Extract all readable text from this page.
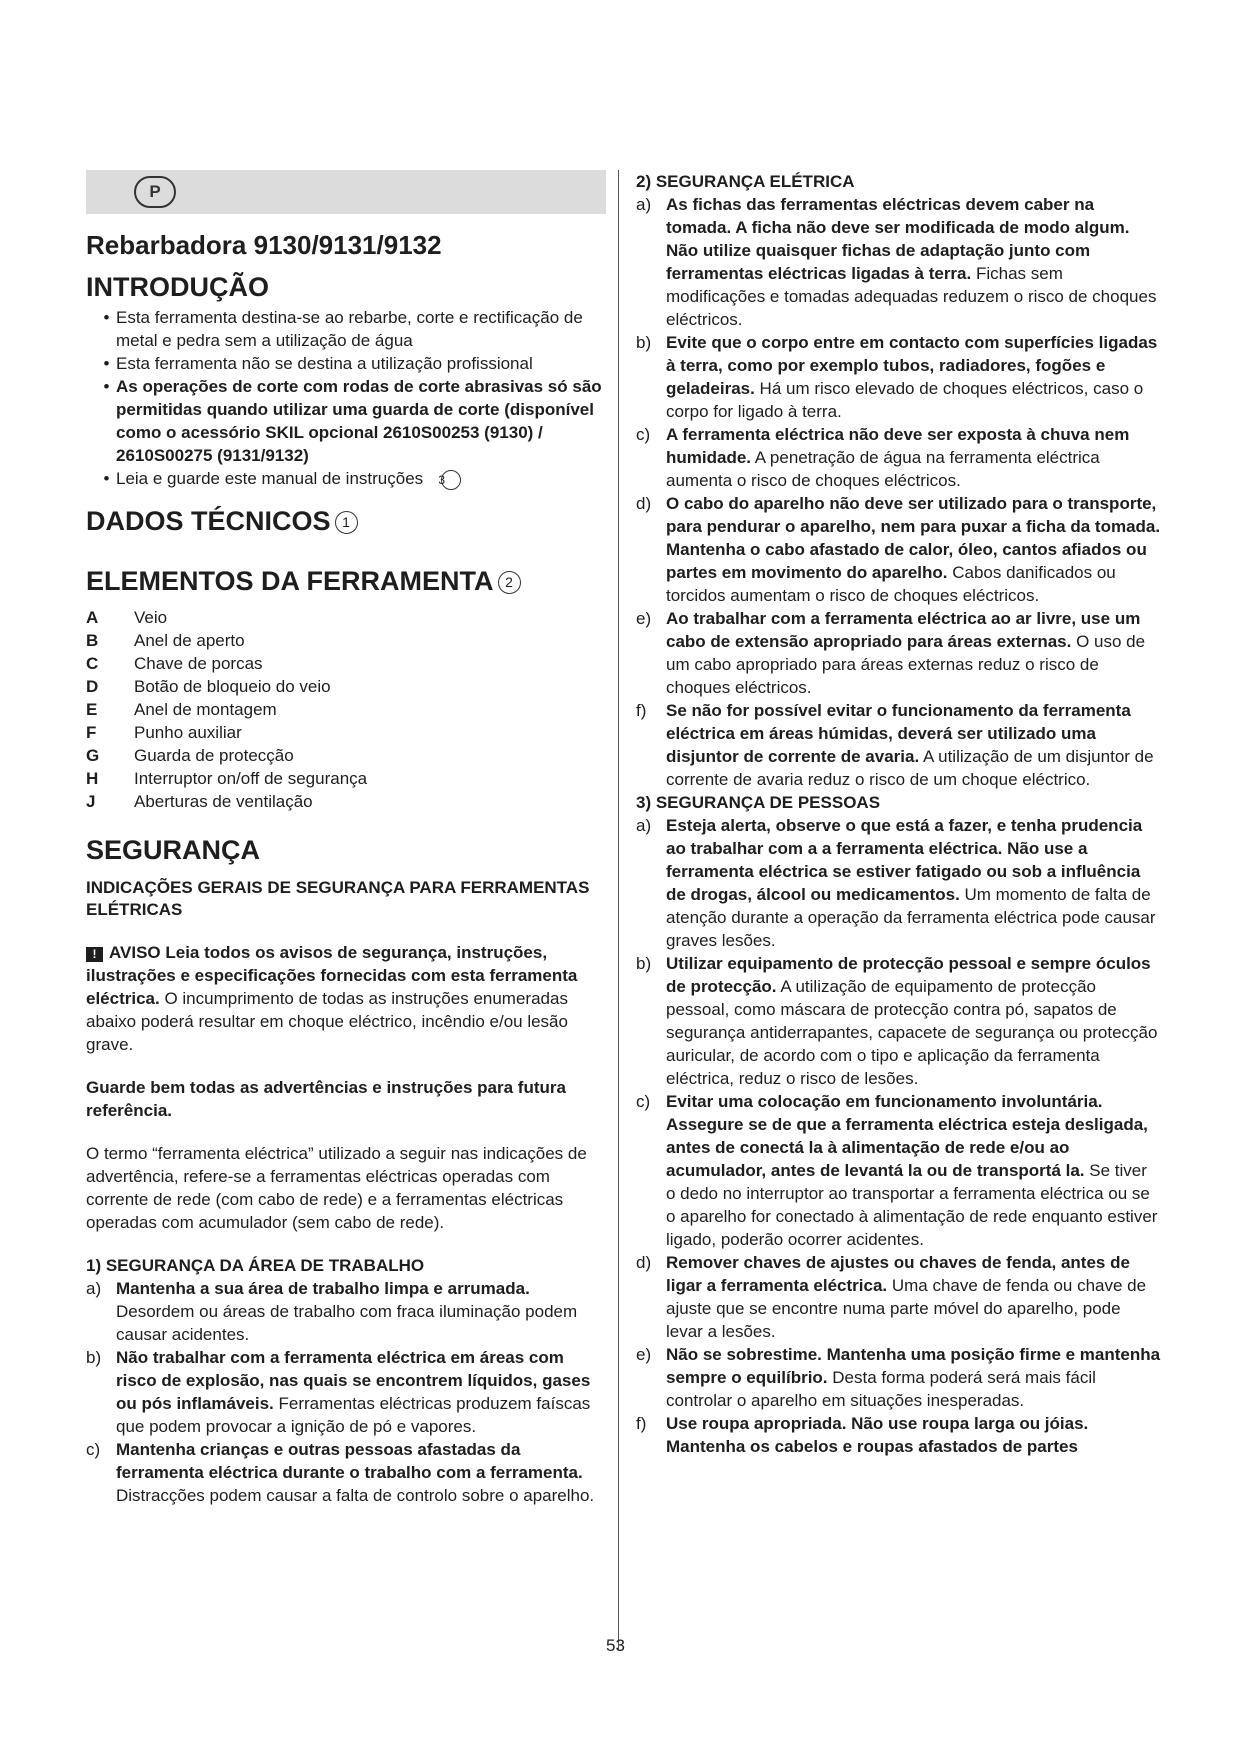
P
Rebarbadora 9130/9131/9132
INTRODUÇÃO
• Esta ferramenta destina-se ao rebarbe, corte e rectificação de metal e pedra sem a utilização de água
• Esta ferramenta não se destina a utilização profissional
• As operações de corte com rodas de corte abrasivas só são permitidas quando utilizar uma guarda de corte (disponível como o acessório SKIL opcional 2610S00253 (9130) / 2610S00275 (9131/9132)
• Leia e guarde este manual de instruções 3
DADOS TÉCNICOS 1
ELEMENTOS DA FERRAMENTA 2
A	Veio
B	Anel de aperto
C	Chave de porcas
D	Botão de bloqueio do veio
E	Anel de montagem
F	Punho auxiliar
G	Guarda de protecção
H	Interruptor on/off de segurança
J	Aberturas de ventilação
SEGURANÇA
INDICAÇÕES GERAIS DE SEGURANÇA PARA FERRAMENTAS ELÉTRICAS

! AVISO Leia todos os avisos de segurança, instruções, ilustrações e especificações fornecidas com esta ferramenta eléctrica. O incumprimento de todas as instruções enumeradas abaixo poderá resultar em choque eléctrico, incêndio e/ou lesão grave.

Guarde bem todas as advertências e instruções para futura referência.

O termo “ferramenta eléctrica” utilizado a seguir nas indicações de advertência, refere-se a ferramentas eléctricas operadas com corrente de rede (com cabo de rede) e a ferramentas eléctricas operadas com acumulador (sem cabo de rede).

1) SEGURANÇA DA ÁREA DE TRABALHO
a) Mantenha a sua área de trabalho limpa e arrumada. Desordem ou áreas de trabalho com fraca iluminação podem causar acidentes.
b) Não trabalhar com a ferramenta eléctrica em áreas com risco de explosão, nas quais se encontrem líquidos, gases ou pós inflamáveis. Ferramentas eléctricas produzem faíscas que podem provocar a ignição de pó e vapores.
c) Mantenha crianças e outras pessoas afastadas da ferramenta eléctrica durante o trabalho com a ferramenta. Distracções podem causar a falta de controlo sobre o aparelho.
2) SEGURANÇA ELÉTRICA
a) As fichas das ferramentas eléctricas devem caber na tomada. A ficha não deve ser modificada de modo algum. Não utilize quaisquer fichas de adaptação junto com ferramentas eléctricas ligadas à terra. Fichas sem modificações e tomadas adequadas reduzem o risco de choques eléctricos.
b) Evite que o corpo entre em contacto com superfícies ligadas à terra, como por exemplo tubos, radiadores, fogões e geladeiras. Há um risco elevado de choques eléctricos, caso o corpo for ligado à terra.
c) A ferramenta eléctrica não deve ser exposta à chuva nem humidade. A penetração de água na ferramenta eléctrica aumenta o risco de choques eléctricos.
d) O cabo do aparelho não deve ser utilizado para o transporte, para pendurar o aparelho, nem para puxar a ficha da tomada. Mantenha o cabo afastado de calor, óleo, cantos afiados ou partes em movimento do aparelho. Cabos danificados ou torcidos aumentam o risco de choques eléctricos.
e) Ao trabalhar com a ferramenta eléctrica ao ar livre, use um cabo de extensão apropriado para áreas externas. O uso de um cabo apropriado para áreas externas reduz o risco de choques eléctricos.
f)	Se não for possível evitar o funcionamento da ferramenta eléctrica em áreas húmidas, deverá ser utilizado uma disjuntor de corrente de avaria. A utilização de um disjuntor de corrente de avaria reduz o risco de um choque eléctrico.
3) SEGURANÇA DE PESSOAS
a) Esteja alerta, observe o que está a fazer, e tenha prudencia ao trabalhar com a a ferramenta eléctrica. Não use a ferramenta eléctrica se estiver fatigado ou sob a influência de drogas, álcool ou medicamentos. Um momento de falta de atenção durante a operação da ferramenta eléctrica pode causar graves lesões.
b) Utilizar equipamento de protecção pessoal e sempre óculos de protecção. A utilização de equipamento de protecção pessoal, como máscara de protecção contra pó, sapatos de segurança antiderrapantes, capacete de segurança ou protecção auricular, de acordo com o tipo e aplicação da ferramenta eléctrica, reduz o risco de lesões.
c) Evitar uma colocação em funcionamento involuntária. Assegure se de que a ferramenta eléctrica esteja desligada, antes de conectá la à alimentação de rede e/ou ao acumulador, antes de levantá la ou de transportá la. Se tiver o dedo no interruptor ao transportar a ferramenta eléctrica ou se o aparelho for conectado à alimentação de rede enquanto estiver ligado, poderão ocorrer acidentes.
d) Remover chaves de ajustes ou chaves de fenda, antes de ligar a ferramenta eléctrica. Uma chave de fenda ou chave de ajuste que se encontre numa parte móvel do aparelho, pode levar a lesões.
e) Não se sobrestime. Mantenha uma posição firme e mantenha sempre o equilíbrio. Desta forma poderá será mais fácil controlar o aparelho em situações inesperadas.
f)	Use roupa apropriada. Não use roupa larga ou jóias. Mantenha os cabelos e roupas afastados de partes
53
